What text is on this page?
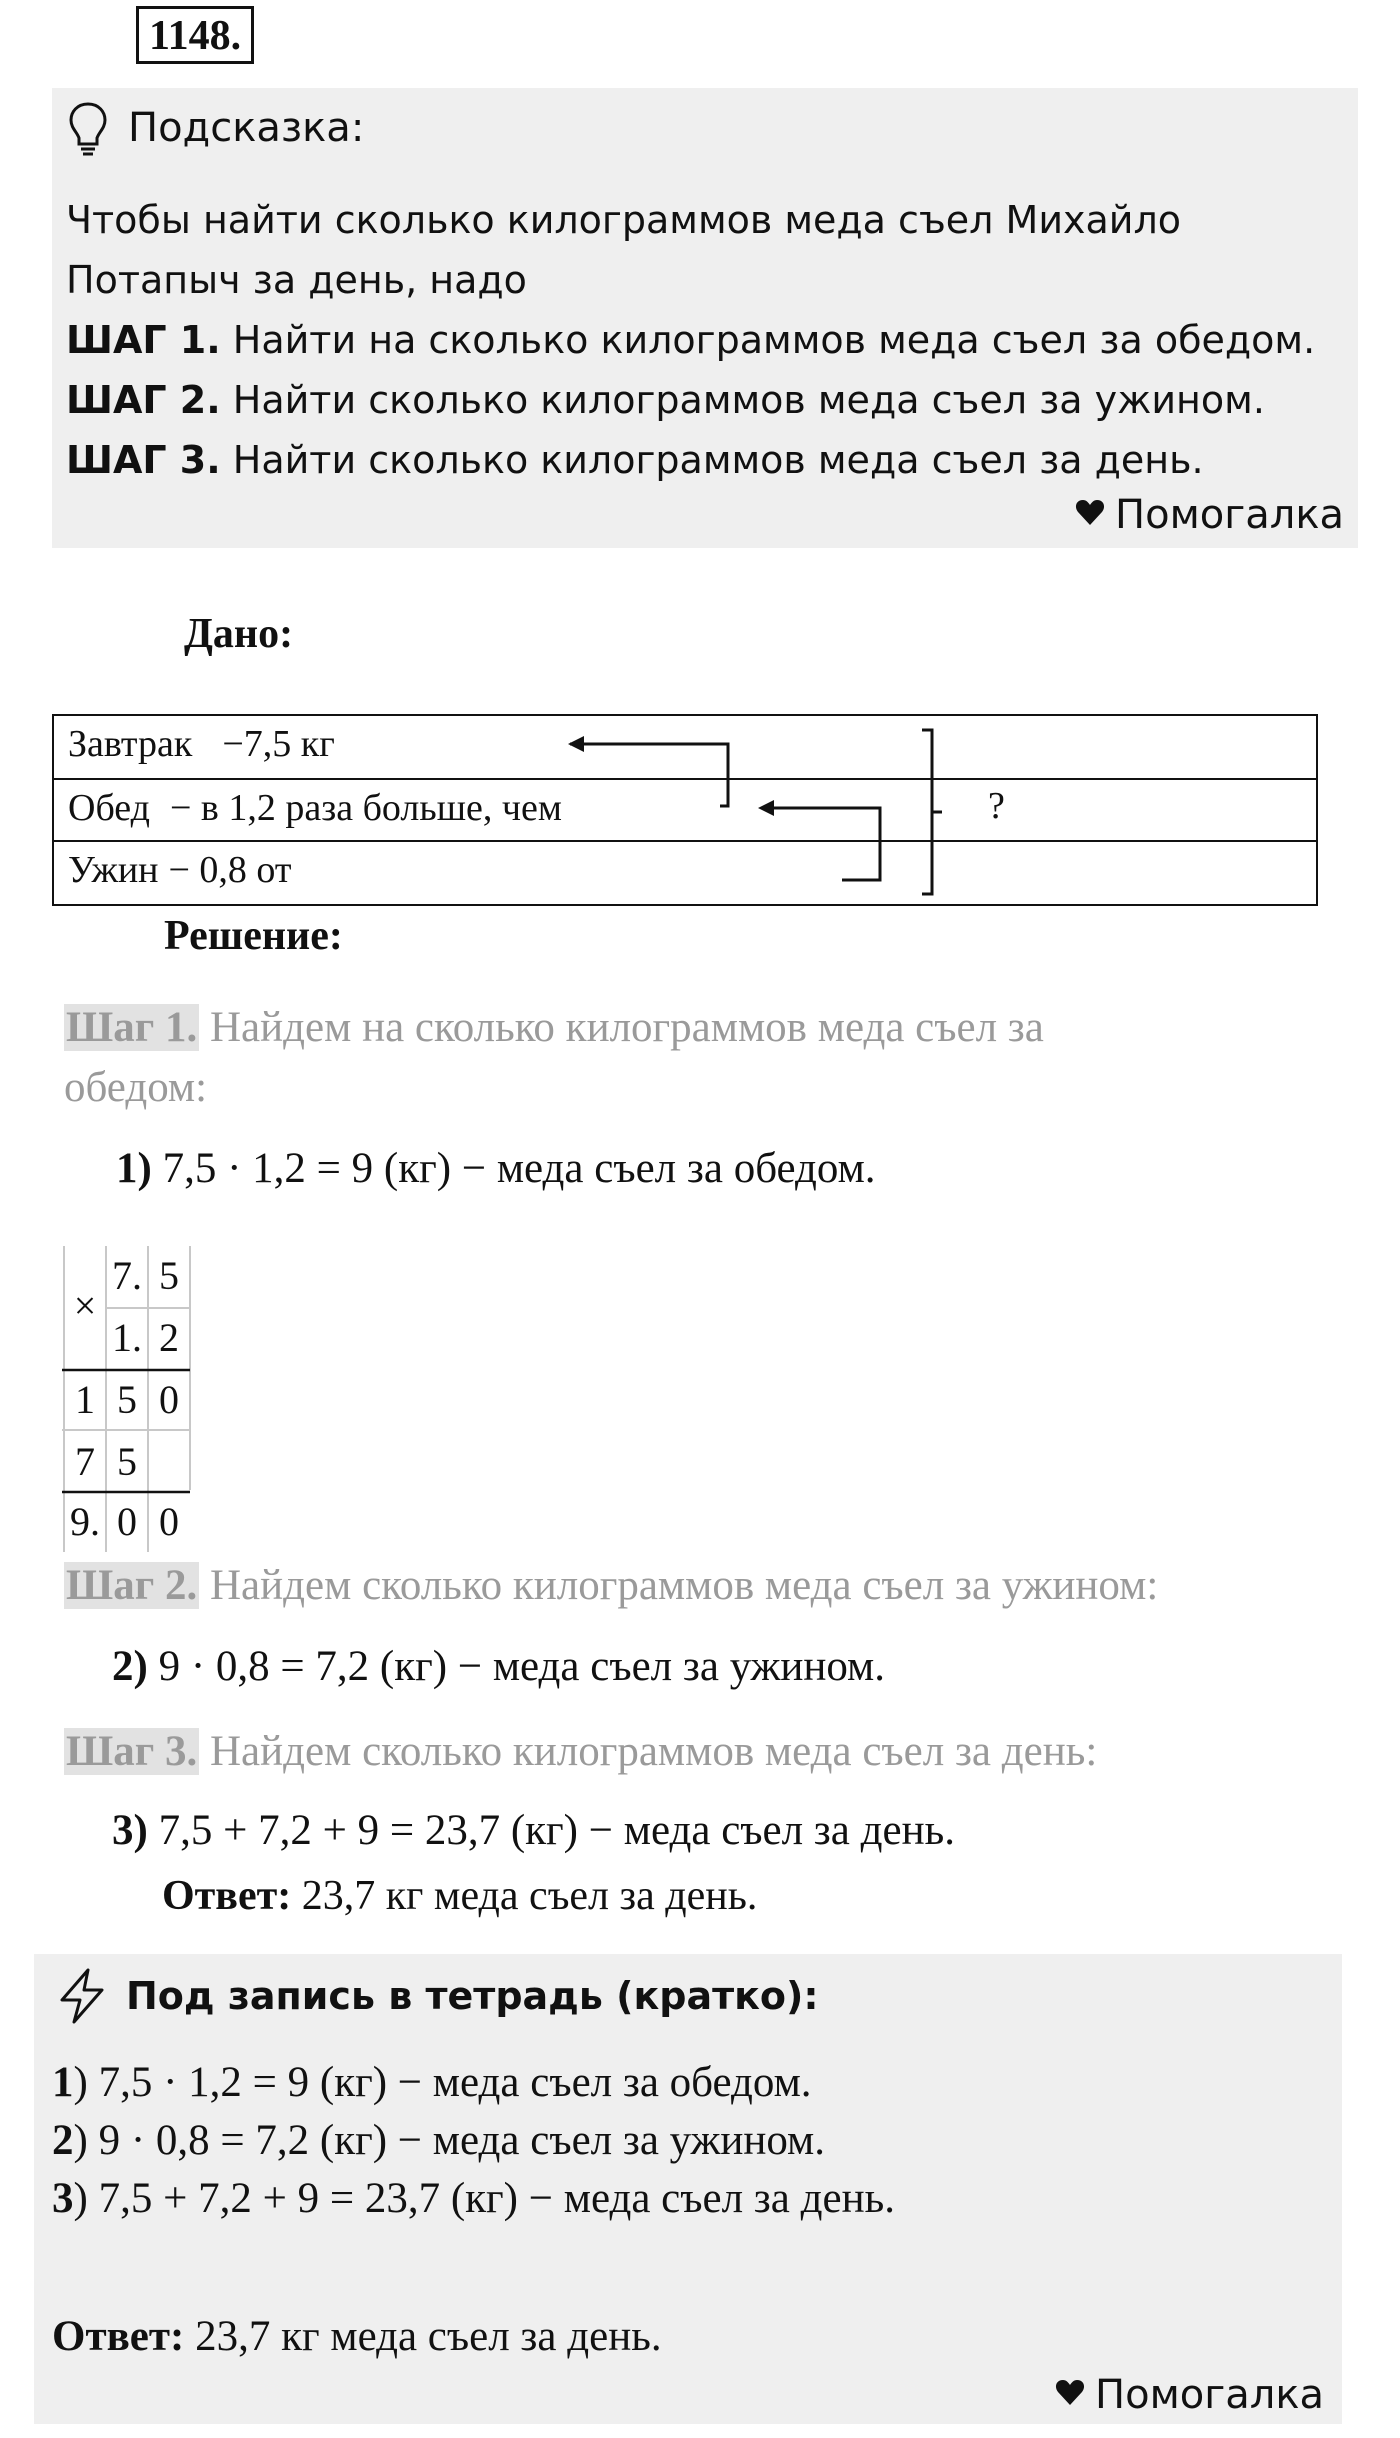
1148.
Подсказка:
Чтобы найти сколько килограммов меда съел Михайло
Потапыч за день, надо
ШАГ 1. Найти на сколько килограммов меда съел за обедом.
ШАГ 2. Найти сколько килограммов меда съел за ужином.
ШАГ 3. Найти сколько килограммов меда съел за день.
Помогалка
Дано:
Завтрак −7,5 кг
Обед − в 1,2 раза больше, чем
Ужин − 0,8 от
?
Решение:
Шаг 1. Найдем на сколько килограммов меда съел за
обедом:
1) 7,5 · 1,2 = 9 (кг) − меда съел за обедом.
×
7. 5
1. 2
1 5 0
7 5
9. 0 0
Шаг 2. Найдем сколько килограммов меда съел за ужином:
2) 9 · 0,8 = 7,2 (кг) − меда съел за ужином.
Шаг 3. Найдем сколько килограммов меда съел за день:
3) 7,5 + 7,2 + 9 = 23,7 (кг) − меда съел за день.
Ответ: 23,7 кг меда съел за день.
Под запись в тетрадь (кратко):
1) 7,5 · 1,2 = 9 (кг) − меда съел за обедом.
2) 9 · 0,8 = 7,2 (кг) − меда съел за ужином.
3) 7,5 + 7,2 + 9 = 23,7 (кг) − меда съел за день.
Ответ: 23,7 кг меда съел за день.
Помогалка
